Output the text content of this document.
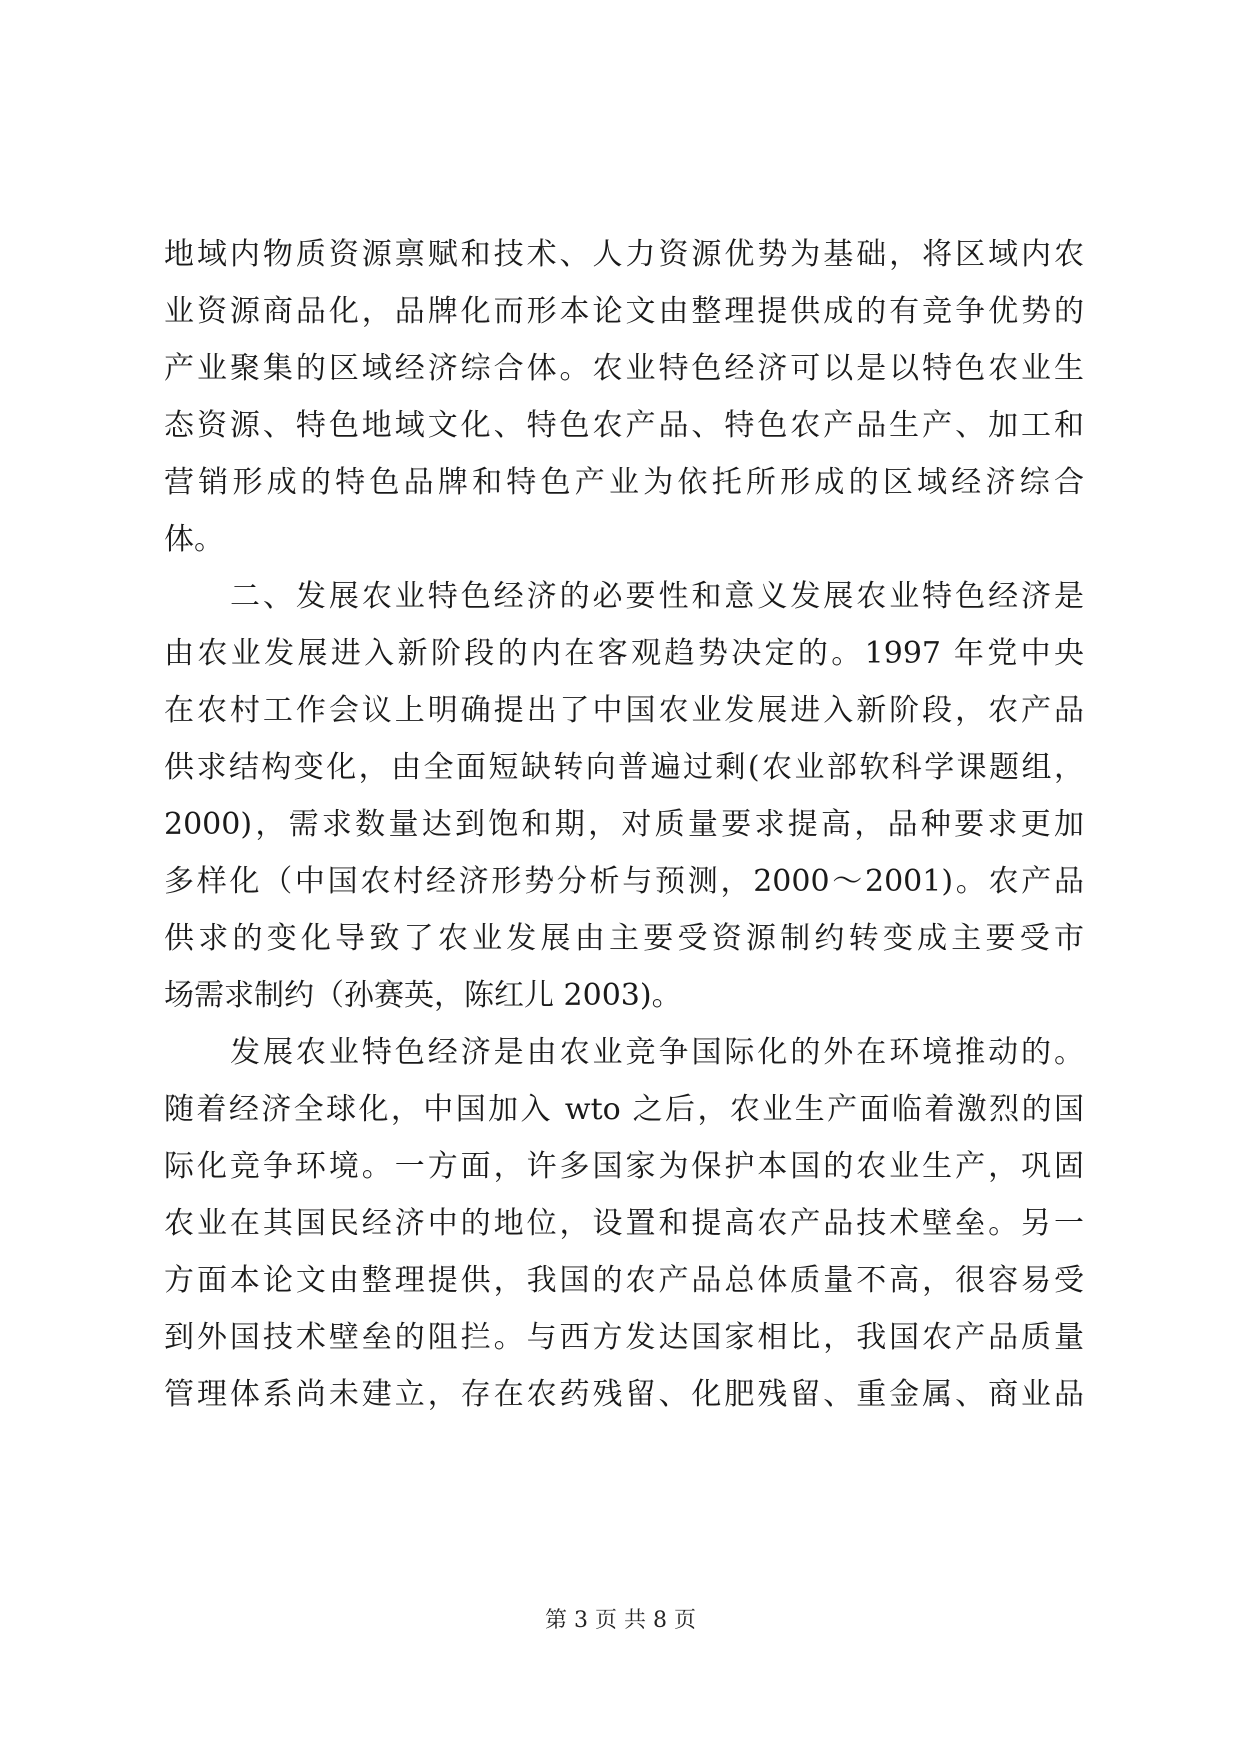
地域内物质资源禀赋和技术、人力资源优势为基础，将区域内农
业资源商品化，品牌化而形本论文由整理提供成的有竞争优势的
产业聚集的区域经济综合体。农业特色经济可以是以特色农业生
态资源、特色地域文化、特色农产品、特色农产品生产、加工和
营销形成的特色品牌和特色产业为依托所形成的区域经济综合
体。
二、发展农业特色经济的必要性和意义发展农业特色经济是
由农业发展进入新阶段的内在客观趋势决定的。1997 年党中央
在农村工作会议上明确提出了中国农业发展进入新阶段，农产品
供求结构变化，由全面短缺转向普遍过剩(农业部软科学课题组，
2000)，需求数量达到饱和期，对质量要求提高，品种要求更加
多样化（中国农村经济形势分析与预测，2000～2001)。农产品
供求的变化导致了农业发展由主要受资源制约转变成主要受市
场需求制约（孙赛英，陈红儿 2003)。
发展农业特色经济是由农业竞争国际化的外在环境推动的。
随着经济全球化，中国加入 wto 之后，农业生产面临着激烈的国
际化竞争环境。一方面，许多国家为保护本国的农业生产，巩固
农业在其国民经济中的地位，设置和提高农产品技术壁垒。另一
方面本论文由整理提供，我国的农产品总体质量不高，很容易受
到外国技术壁垒的阻拦。与西方发达国家相比，我国农产品质量
管理体系尚未建立，存在农药残留、化肥残留、重金属、商业品
第 3 页 共 8 页
